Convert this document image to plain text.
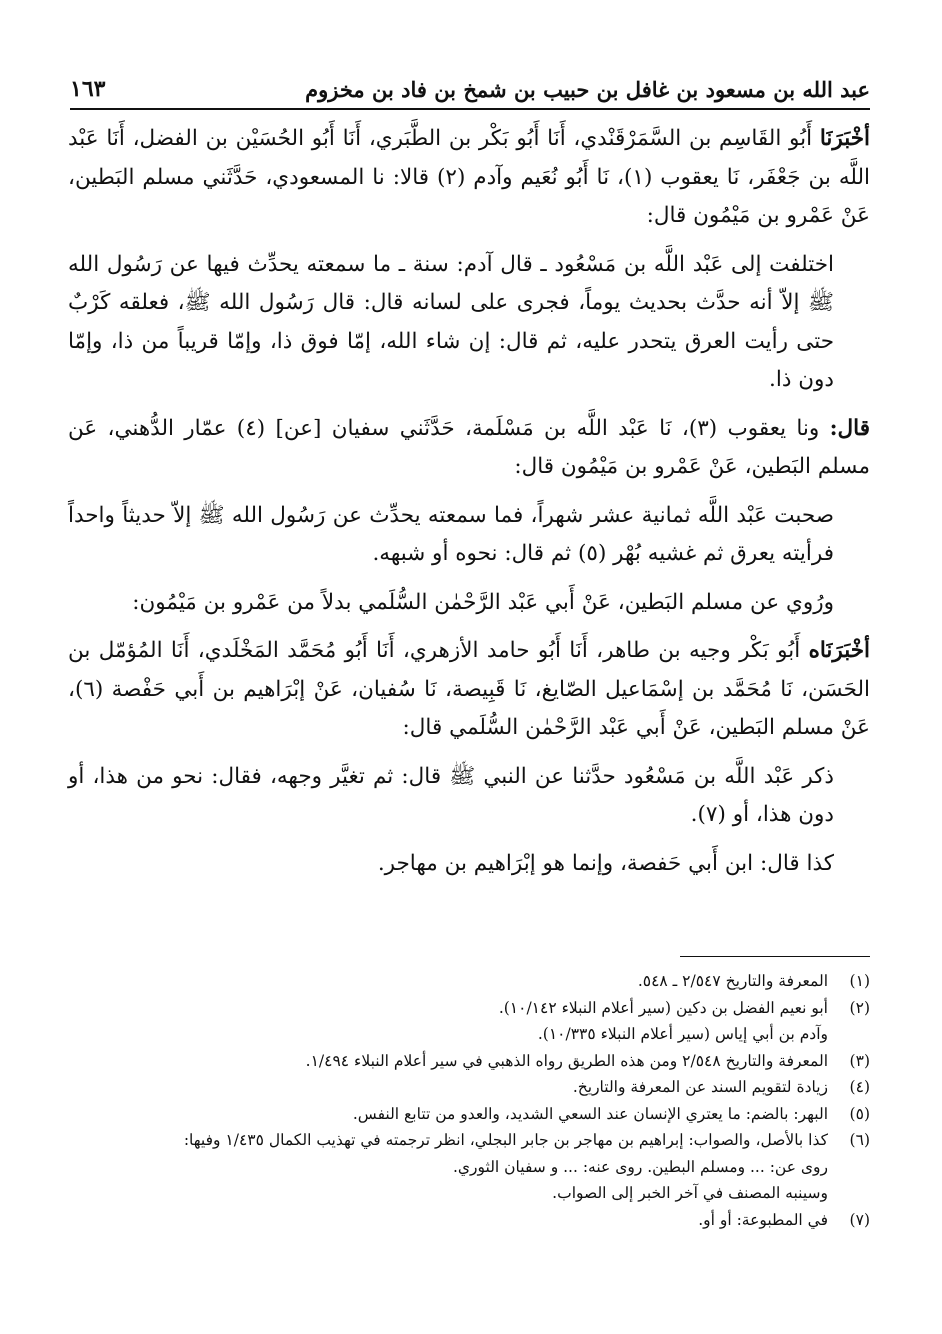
عبد الله بن مسعود بن غافل بن حبيب بن شمخ بن فاد بن مخزوم
١٦٣

أخْبَرَنَا أَبُو القَاسِم بن السَّمَرْقَنْدي، أَنَا أَبُو بَكْر بن الطَّبَري، أَنَا أَبُو الحُسَيْن بن الفضل، أَنَا عَبْد اللَّه بن جَعْفَر، نَا يعقوب (١)، نَا أَبُو نُعَيم وآدم (٢) قالا: نا المسعودي، حَدَّثَني مسلم البَطين، عَنْ عَمْرو بن مَيْمُون قال:

اختلفت إلى عَبْد اللَّه بن مَسْعُود ـ قال آدم: سنة ـ ما سمعته يحدِّث فيها عن رَسُول الله ﷺ إلاّ أنه حدَّث بحديث يوماً، فجرى على لسانه قال: قال رَسُول الله ﷺ، فعلقه كَرْبٌ حتى رأيت العرق يتحدر عليه، ثم قال: إن شاء الله، إمّا فوق ذا، وإمّا قريباً من ذا، وإمّا دون ذا.

قال: ونا يعقوب (٣)، نَا عَبْد اللَّه بن مَسْلَمة، حَدَّثَني سفيان [عن] (٤) عمّار الدُّهني، عَن مسلم البَطين، عَنْ عَمْرو بن مَيْمُون قال:

صحبت عَبْد اللَّه ثمانية عشر شهراً، فما سمعته يحدِّث عن رَسُول الله ﷺ إلاّ حديثاً واحداً فرأيته يعرق ثم غشيه بُهْر (٥) ثم قال: نحوه أو شبهه.

ورُوي عن مسلم البَطين، عَنْ أَبي عَبْد الرَّحْمٰن السُّلَمي بدلاً من عَمْرو بن مَيْمُون:

أخْبَرَنَاه أَبُو بَكْر وجيه بن طاهر، أَنَا أَبُو حامد الأزهري، أَنَا أَبُو مُحَمَّد المَخْلَدي، أَنَا المُؤمّل بن الحَسَن، نَا مُحَمَّد بن إسْمَاعيل الصّايغ، نَا قَبِيصة، نَا سُفيان، عَنْ إبْرَاهيم بن أَبي حَفْصة (٦)، عَنْ مسلم البَطين، عَنْ أَبي عَبْد الرَّحْمٰن السُّلَمي قال:

ذكر عَبْد اللَّه بن مَسْعُود حدَّثنا عن النبي ﷺ قال: ثم تغيَّر وجهه، فقال: نحو من هذا، أو دون هذا، أو (٧).

كذا قال: ابن أَبي حَفصة، وإنما هو إبْرَاهيم بن مهاجر.

(١)
المعرفة والتاريخ ٢/٥٤٧ ـ ٥٤٨.
(٢)
أبو نعيم الفضل بن دكين (سير أعلام النبلاء ١٠/١٤٢).
وآدم بن أبي إياس (سير أعلام النبلاء ١٠/٣٣٥).
(٣)
المعرفة والتاريخ ٢/٥٤٨ ومن هذه الطريق رواه الذهبي في سير أعلام النبلاء ١/٤٩٤.
(٤)
زيادة لتقويم السند عن المعرفة والتاريخ.
(٥)
البهر: بالضم: ما يعتري الإنسان عند السعي الشديد، والعدو من تتابع النفس.
(٦)
كذا بالأصل، والصواب: إبراهيم بن مهاجر بن جابر البجلي، انظر ترجمته في تهذيب الكمال ١/٤٣٥ وفيها:
روى عن: ... ومسلم البطين. روى عنه: ... و سفيان الثوري.
وسينبه المصنف في آخر الخبر إلى الصواب.
(٧)
في المطبوعة: أو أو.
